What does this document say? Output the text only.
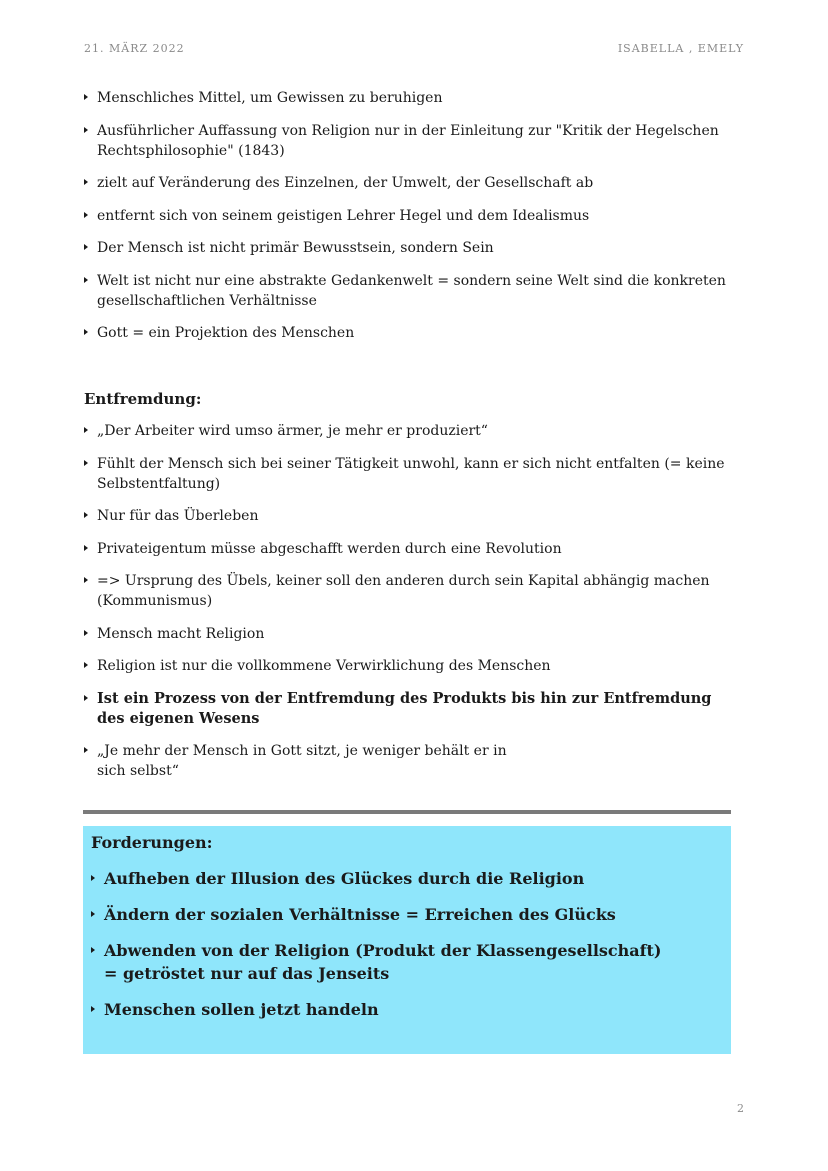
21. MÄRZ 2022	ISABELLA , EMELY
Menschliches Mittel, um Gewissen zu beruhigen
Ausführlicher Auffassung von Religion nur in der Einleitung zur "Kritik der Hegelschen Rechtsphilosophie" (1843)
zielt auf Veränderung des Einzelnen, der Umwelt, der Gesellschaft ab
entfernt sich von seinem geistigen Lehrer Hegel und dem Idealismus
Der Mensch ist nicht primär Bewusstsein, sondern Sein
Welt ist nicht nur eine abstrakte Gedankenwelt = sondern seine Welt sind die konkreten gesellschaftlichen Verhältnisse
Gott = ein Projektion des Menschen
Entfremdung:
„Der Arbeiter wird umso ärmer, je mehr er produziert“
Fühlt der Mensch sich bei seiner Tätigkeit unwohl, kann er sich nicht entfalten (= keine Selbstentfaltung)
Nur für das Überleben
Privateigentum müsse abgeschafft werden durch eine Revolution
=> Ursprung des Übels, keiner soll den anderen durch sein Kapital abhängig machen (Kommunismus)
Mensch macht Religion
Religion ist nur die vollkommene Verwirklichung des Menschen
Ist ein Prozess von der Entfremdung des Produkts bis hin zur Entfremdung des eigenen Wesens
„Je mehr der Mensch in Gott sitzt, je weniger behält er in sich selbst“
Forderungen:
Aufheben der Illusion des Glückes durch die Religion
Ändern der sozialen Verhältnisse = Erreichen des Glücks
Abwenden von der Religion (Produkt der Klassengesellschaft) = getröstet nur auf das Jenseits
Menschen sollen jetzt handeln
2
